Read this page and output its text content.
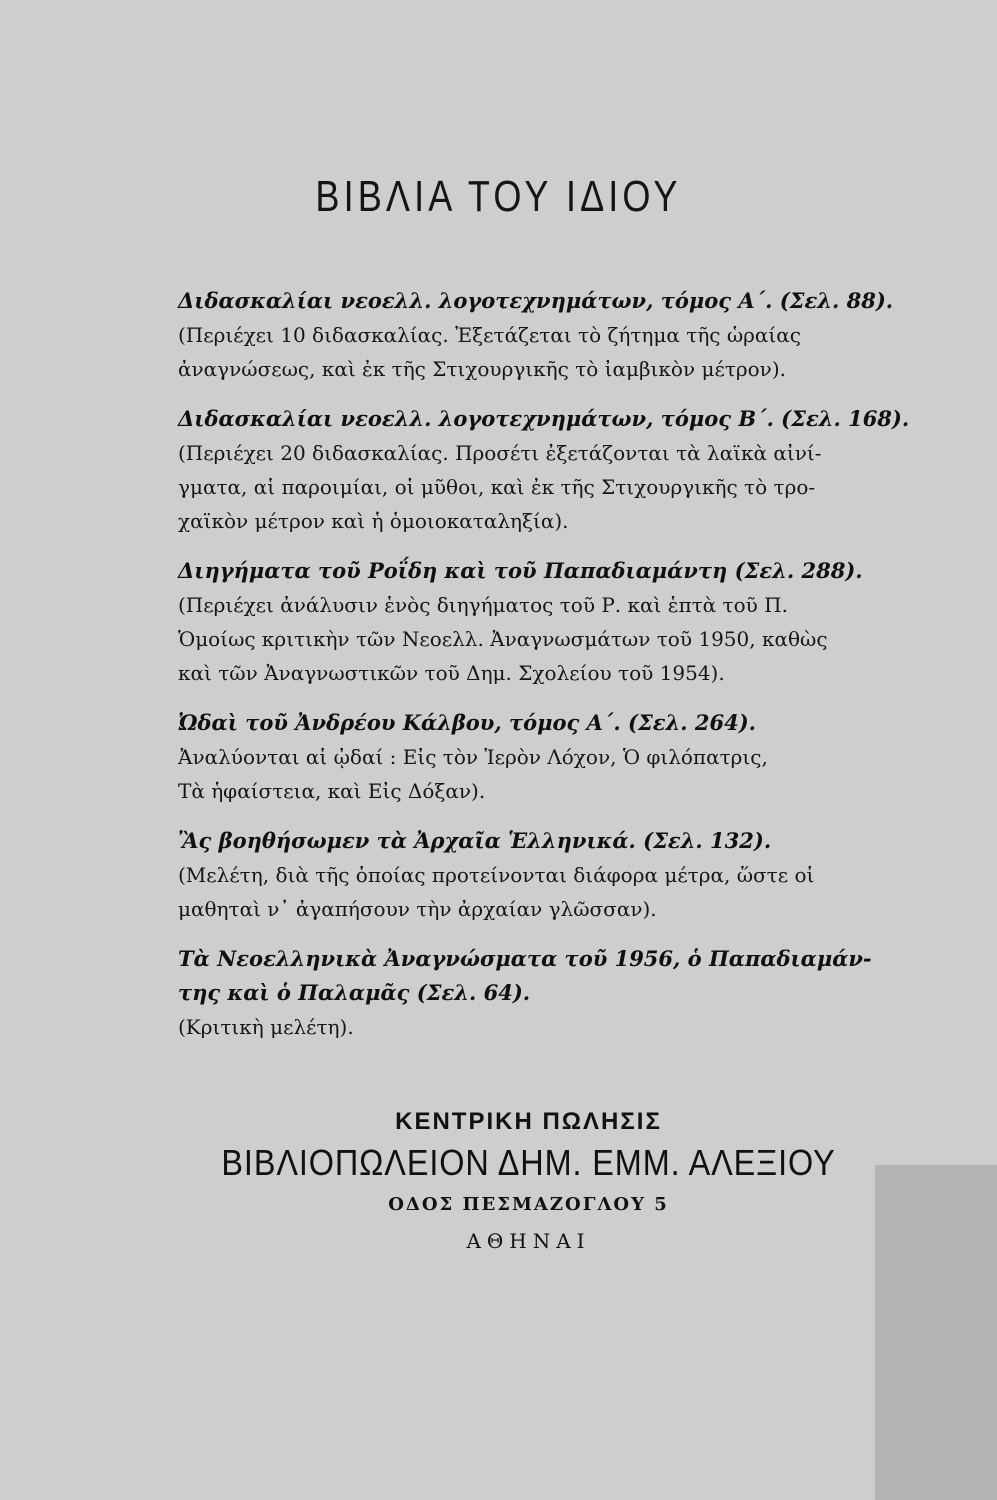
ΒΙΒΛΙΑ ΤΟΥ ΙΔΙΟΥ
Διδασκαλίαι νεοελλ. λογοτεχνημάτων, τόμος Α΄. (Σελ. 88).
(Περιέχει 10 διδασκαλίας. Ἐξετάζεται τὸ ζήτημα τῆς ὡραίας
ἀναγνώσεως, καὶ ἐκ τῆς Στιχουργικῆς τὸ ἰαμβικὸν μέτρον).
Διδασκαλίαι νεοελλ. λογοτεχνημάτων, τόμος Β΄. (Σελ. 168).
(Περιέχει 20 διδασκαλίας. Προσέτι ἐξετάζονται τὰ λαϊκὰ αἰνί-
γματα, αἱ παροιμίαι, οἱ μῦθοι, καὶ ἐκ τῆς Στιχουργικῆς τὸ τρο-
χαϊκὸν μέτρον καὶ ἡ ὁμοιοκαταληξία).
Διηγήματα τοῦ Ροΐδη καὶ τοῦ Παπαδιαμάντη (Σελ. 288).
(Περιέχει ἀνάλυσιν ἑνὸς διηγήματος τοῦ Ρ. καὶ ἑπτὰ τοῦ Π.
Ὁμοίως κριτικὴν τῶν Νεοελλ. Ἀναγνωσμάτων τοῦ 1950, καθὼς
καὶ τῶν Ἀναγνωστικῶν τοῦ Δημ. Σχολείου τοῦ 1954).
Ὠδαὶ τοῦ Ἀνδρέου Κάλβου, τόμος Α΄. (Σελ. 264).
Ἀναλύονται αἱ ᾠδαί : Εἰς τὸν Ἱερὸν Λόχον, Ὁ φιλόπατρις,
Τὰ ἡφαίστεια, καὶ Εἰς Δόξαν).
Ἂς βοηθήσωμεν τὰ Ἀρχαῖα Ἑλληνικά. (Σελ. 132).
(Μελέτη, διὰ τῆς ὁποίας προτείνονται διάφορα μέτρα, ὥστε οἱ
μαθηταὶ ν᾿ ἀγαπήσουν τὴν ἀρχαίαν γλῶσσαν).
Τὰ Νεοελληνικὰ Ἀναγνώσματα τοῦ 1956, ὁ Παπαδιαμάν-
της καὶ ὁ Παλαμᾶς (Σελ. 64).
(Κριτικὴ μελέτη).
ΚΕΝΤΡΙΚΗ ΠΩΛΗΣΙΣ
ΒΙΒΛΙΟΠΩΛΕΙΟΝ ΔΗΜ. ΕΜΜ. ΑΛΕΞΙΟΥ
ΟΔΟΣ ΠΕΣΜΑΖΟΓΛΟΥ 5
ΑΘΗΝΑΙ
